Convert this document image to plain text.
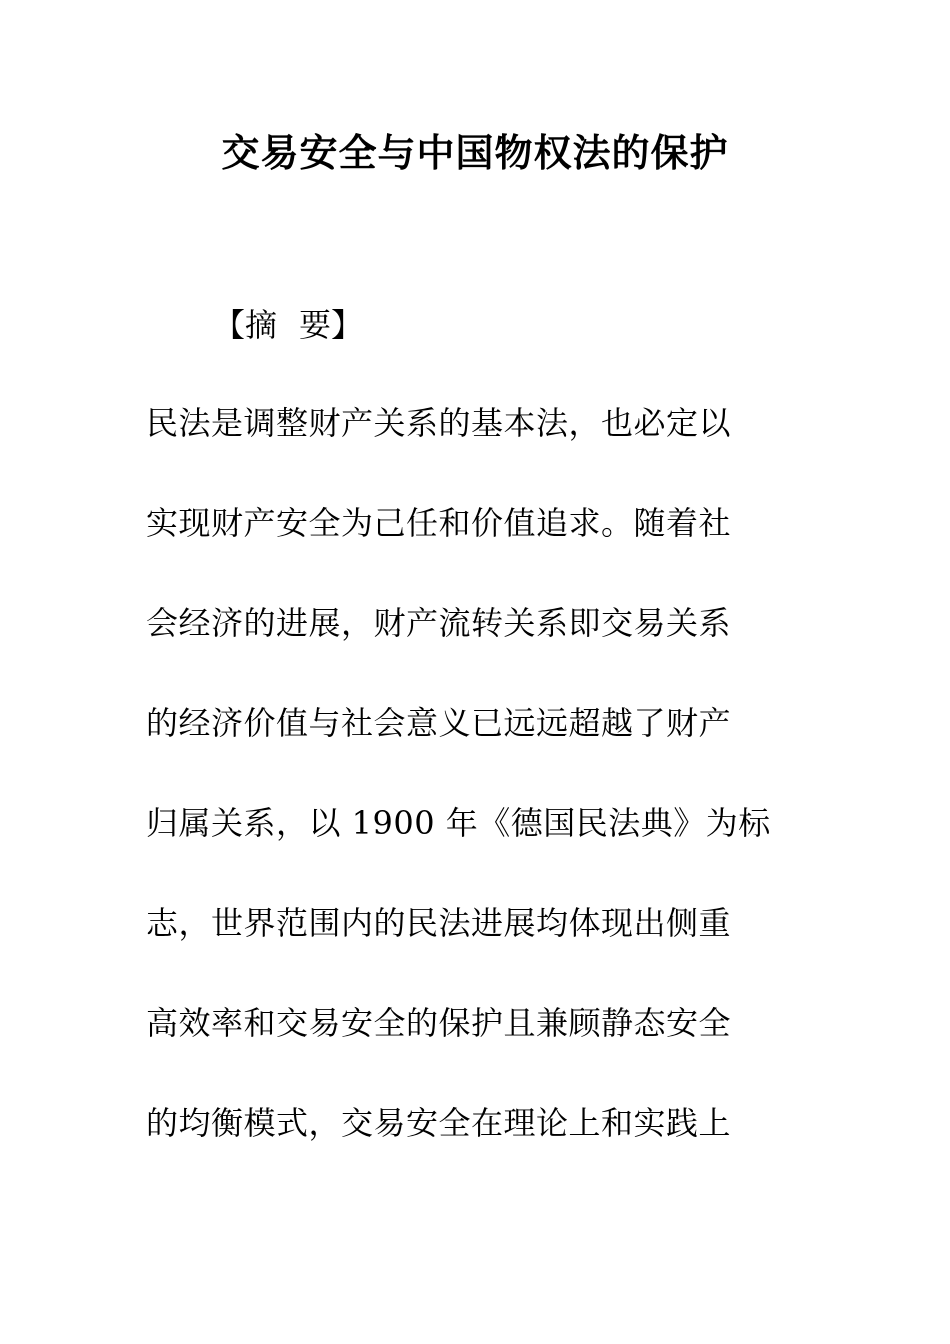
交易安全与中国物权法的保护
【摘 要】
民法是调整财产关系的基本法，也必定以
实现财产安全为己任和价值追求。随着社
会经济的进展，财产流转关系即交易关系
的经济价值与社会意义已远远超越了财产
归属关系，以 1900 年《德国民法典》为标
志，世界范围内的民法进展均体现出侧重
高效率和交易安全的保护且兼顾静态安全
的均衡模式，交易安全在理论上和实践上
